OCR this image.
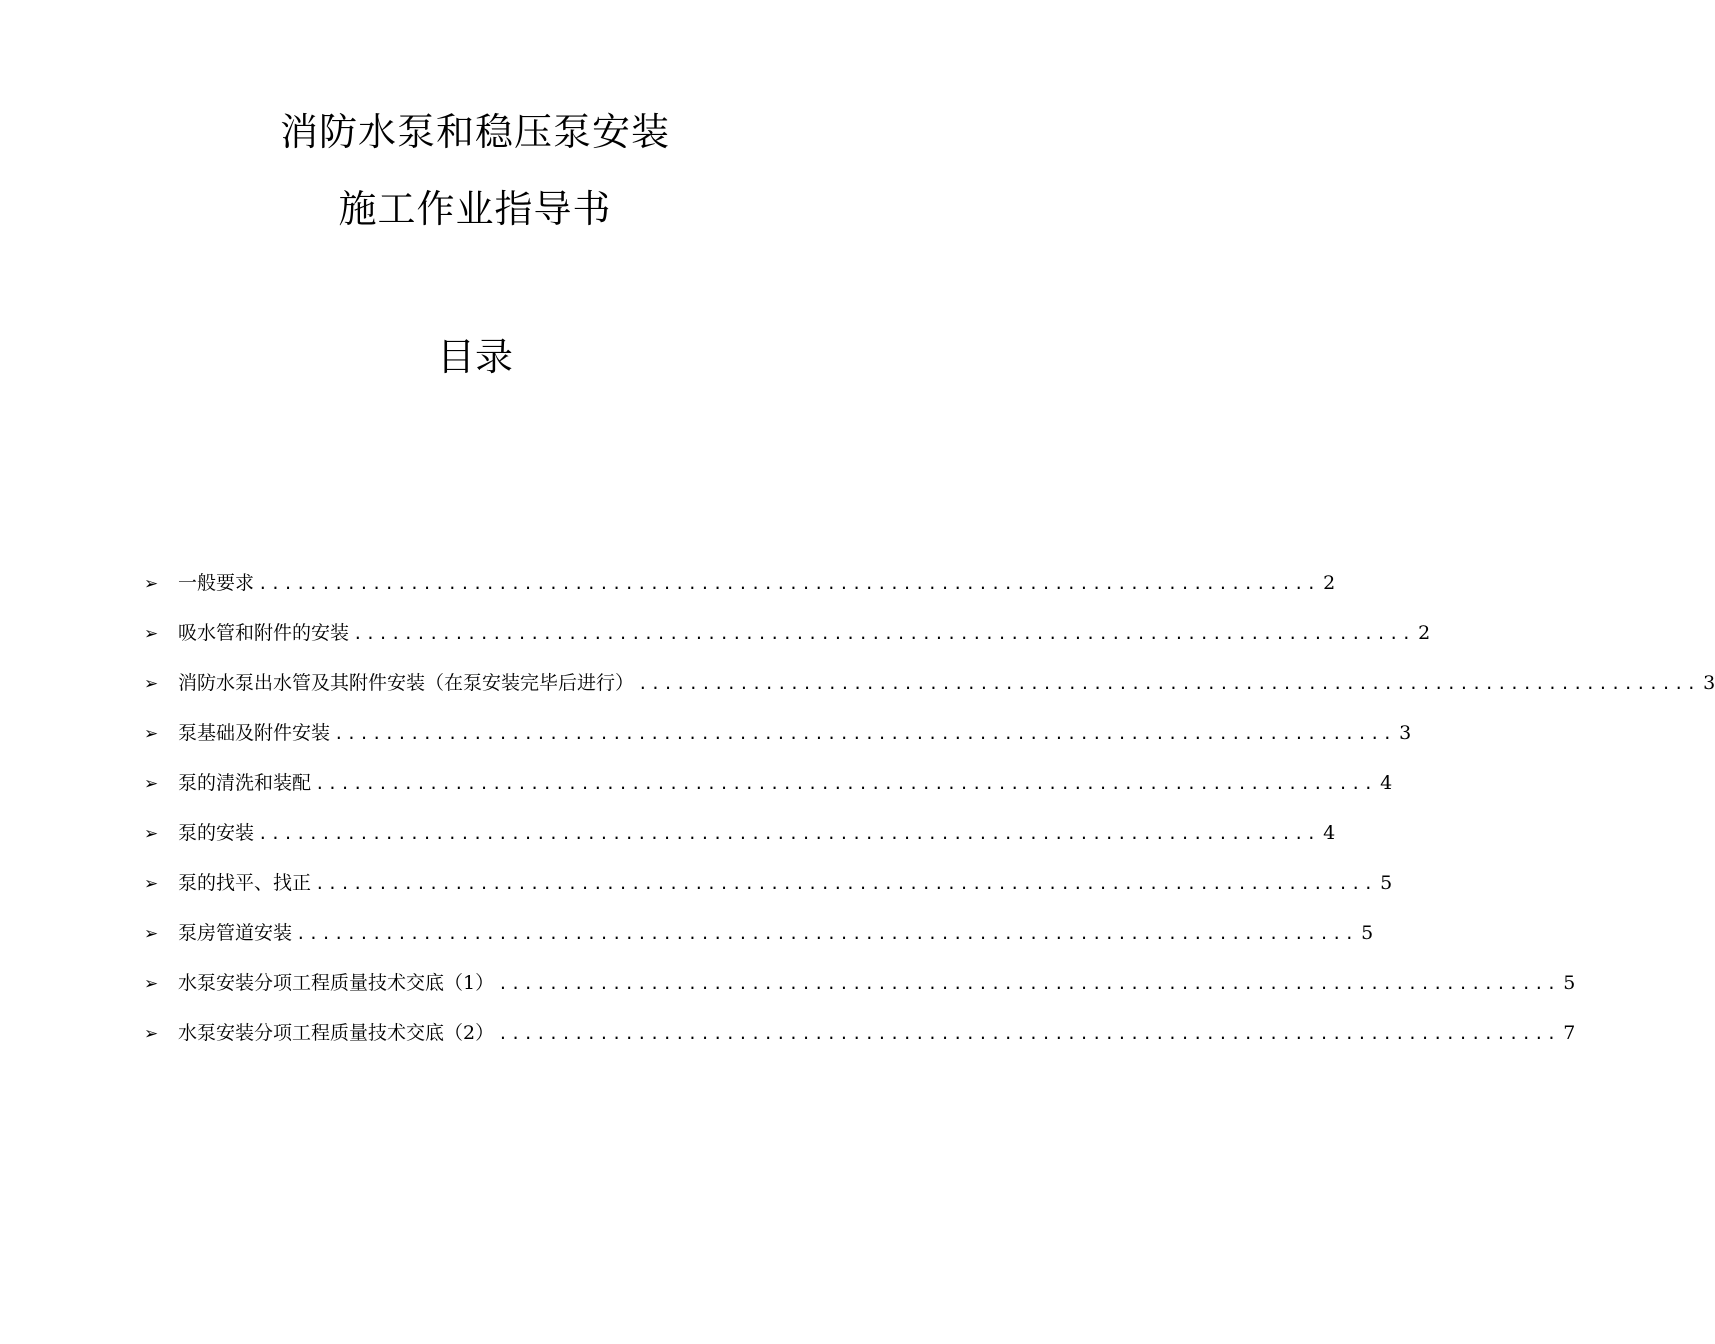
消防水泵和稳压泵安装
施工作业指导书
目录
➢	一般要求 .................................................................................... 2
➢	吸水管和附件的安装 .................................................................................... 2
➢	消防水泵出水管及其附件安装（在泵安装完毕后进行） .................................................................................... 3
➢	泵基础及附件安装 .................................................................................... 3
➢	泵的清洗和装配 .................................................................................... 4
➢	泵的安装 .................................................................................... 4
➢	泵的找平、找正 .................................................................................... 5
➢	泵房管道安装 .................................................................................... 5
➢	水泵安装分项工程质量技术交底（1） .................................................................................... 5
➢	水泵安装分项工程质量技术交底（2） .................................................................................... 7
